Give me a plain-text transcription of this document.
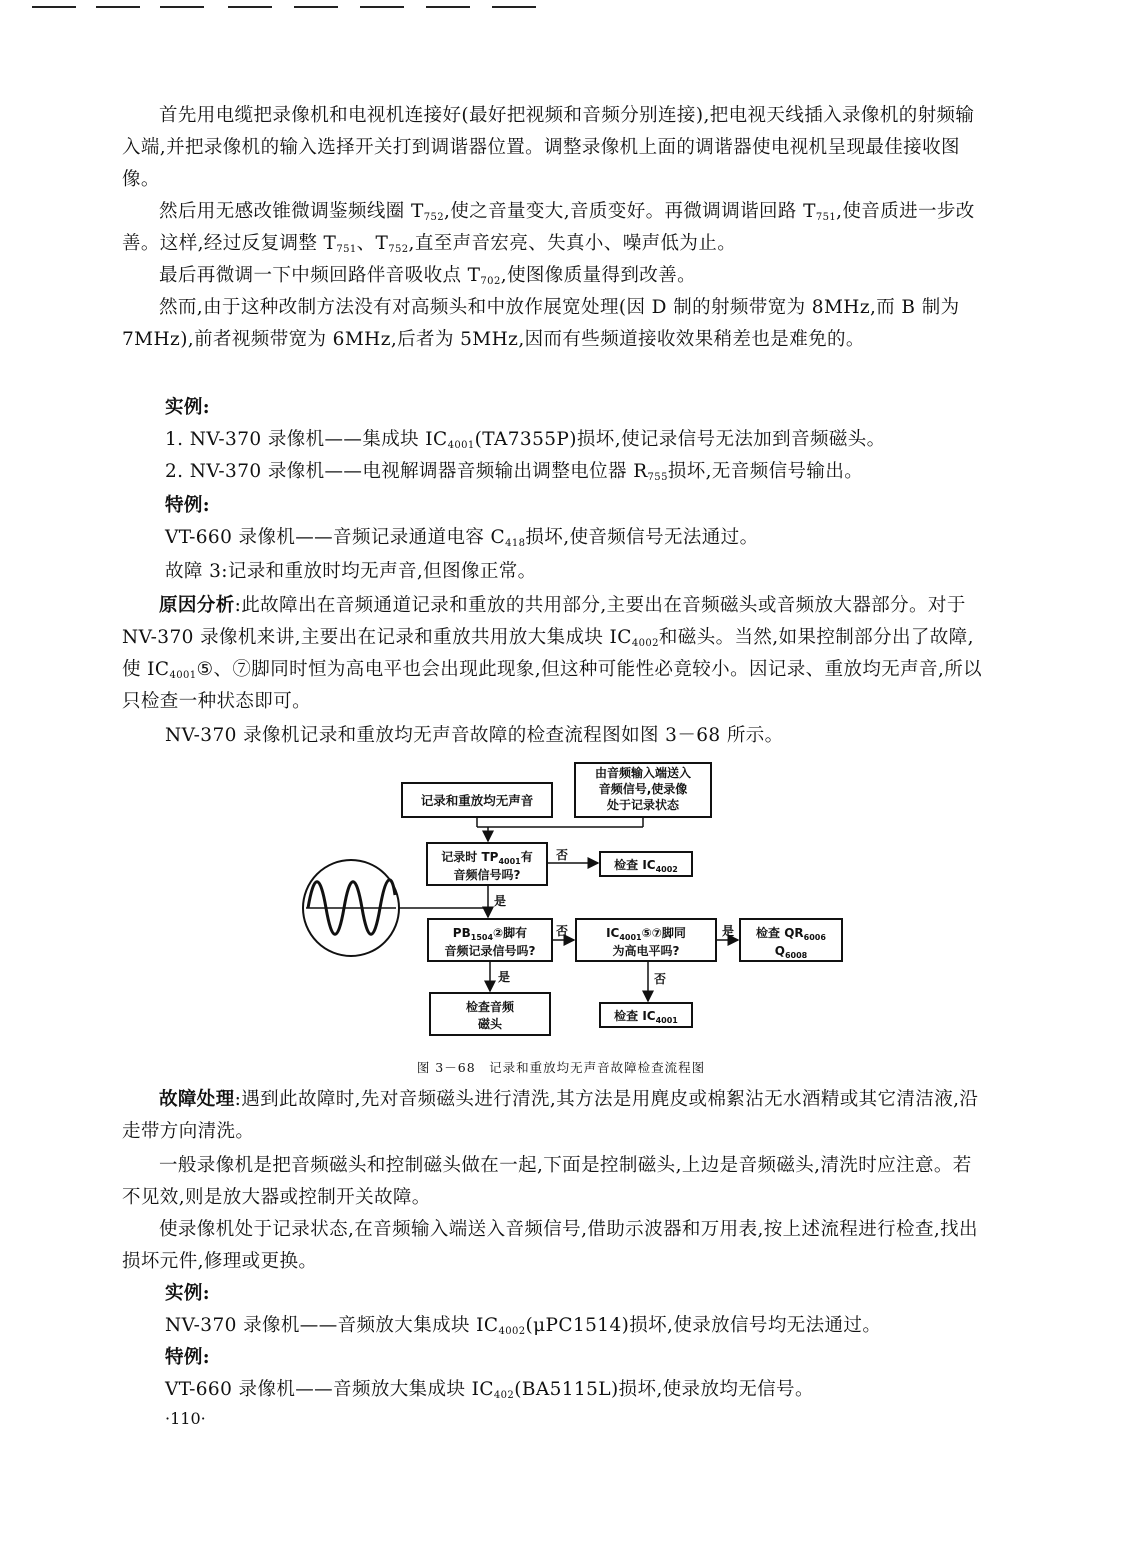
首先用电缆把录像机和电视机连接好(最好把视频和音频分别连接),把电视天线插入录像机的射频输入端,并把录像机的输入选择开关打到调谐器位置。调整录像机上面的调谐器使电视机呈现最佳接收图像。

然后用无感改锥微调鉴频线圈 $T_{752}$,使之音量变大,音质变好。再微调调谐回路 $T_{751}$,使音质进一步改善。这样,经过反复调整 $T_{751}$、$T_{752}$,直至声音宏亮、失真小、噪声低为止。

最后再微调一下中频回路伴音吸收点 $T_{702}$,使图像质量得到改善。

然而,由于这种改制方法没有对高频头和中放作展宽处理(因 D 制的射频带宽为 8MHz,而 B 制为 7MHz),前者视频带宽为 6MHz,后者为 5MHz,因而有些频道接收效果稍差也是难免的。

实例:

1. NV-370 录像机——集成块 $IC_{4001}(TA7355P)$损坏,使记录信号无法加到音频磁头。

2. NV-370 录像机——电视解调器音频输出调整电位器 $R_{755}$损坏,无音频信号输出。

特例:

VT-660 录像机——音频记录通道电容 $C_{418}$损坏,使音频信号无法通过。

故障 3:记录和重放时均无声音,但图像正常。

原因分析:此故障出在音频通道记录和重放的共用部分,主要出在音频磁头或音频放大器部分。对于 NV-370 录像机来讲,主要出在记录和重放共用放大集成块 $IC_{4002}$和磁头。当然,如果控制部分出了故障,使 $IC_{4001}⑤$、⑦脚同时恒为高电平也会出现此现象,但这种可能性必竟较小。因记录、重放均无声音,所以只检查一种状态即可。

NV-370 录像机记录和重放均无声音故障的检查流程图如图 3－68 所示。

记录和重放均无声音
由音频输入端送入
音频信号,使录像
处于记录状态
记录时 $TP_{4001}$有
音频信号吗?
否
检查 $IC_{4002}$
是
$PB_{1504}②$脚有
音频记录信号吗?
否	$IC_{4001}⑤⑦$脚同
为高电平吗?
是 检查 $QR_{6006}$
$Q_{6008}$
是
检查音频
磁头
否
检查 $IC_{4001}$
图 3－68　记录和重放均无声音故障检查流程图

故障处理:遇到此故障时,先对音频磁头进行清洗,其方法是用麂皮或棉絮沾无水酒精或其它清洁液,沿走带方向清洗。

一般录像机是把音频磁头和控制磁头做在一起,下面是控制磁头,上边是音频磁头,清洗时应注意。若不见效,则是放大器或控制开关故障。

使录像机处于记录状态,在音频输入端送入音频信号,借助示波器和万用表,按上述流程进行检查,找出损坏元件,修理或更换。

实例:

NV-370 录像机——音频放大集成块 $IC_{4002}(\mu PC1514)$损坏,使录放信号均无法通过。

特例:

VT-660 录像机——音频放大集成块 $IC_{402}(BA5115L)$损坏,使录放均无信号。

·110·
